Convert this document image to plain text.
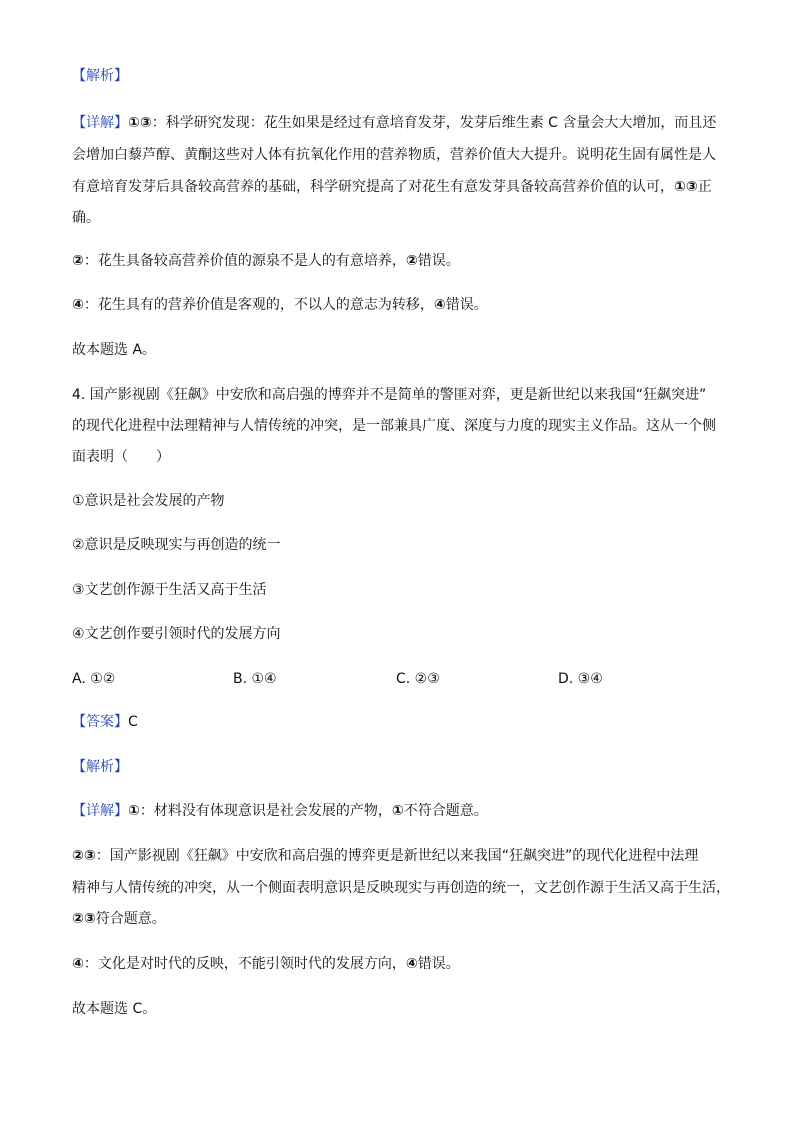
【解析】
【详解】①③：科学研究发现：花生如果是经过有意培育发芽，发芽后维生素 C 含量会大大增加，而且还
会增加白藜芦醇、黄酮这些对人体有抗氧化作用的营养物质，营养价值大大提升。说明花生固有属性是人
有意培育发芽后具备较高营养的基础，科学研究提高了对花生有意发芽具备较高营养价值的认可，①③正
确。
②：花生具备较高营养价值的源泉不是人的有意培养，②错误。
④：花生具有的营养价值是客观的，不以人的意志为转移，④错误。
故本题选 A。
4. 国产影视剧《狂飙》中安欣和高启强的博弈并不是简单的警匪对弈，更是新世纪以来我国“狂飙突进”
的现代化进程中法理精神与人情传统的冲突，是一部兼具广度、深度与力度的现实主义作品。这从一个侧
面表明（　　）
①意识是社会发展的产物
②意识是反映现实与再创造的统一
③文艺创作源于生活又高于生活
④文艺创作要引领时代的发展方向
A. ①②	B. ①④	C. ②③	D. ③④
【答案】C
【解析】
【详解】①：材料没有体现意识是社会发展的产物，①不符合题意。
②③：国产影视剧《狂飙》中安欣和高启强的博弈更是新世纪以来我国“狂飙突进”的现代化进程中法理
精神与人情传统的冲突，从一个侧面表明意识是反映现实与再创造的统一，文艺创作源于生活又高于生活，
②③符合题意。
④：文化是对时代的反映，不能引领时代的发展方向，④错误。
故本题选 C。
